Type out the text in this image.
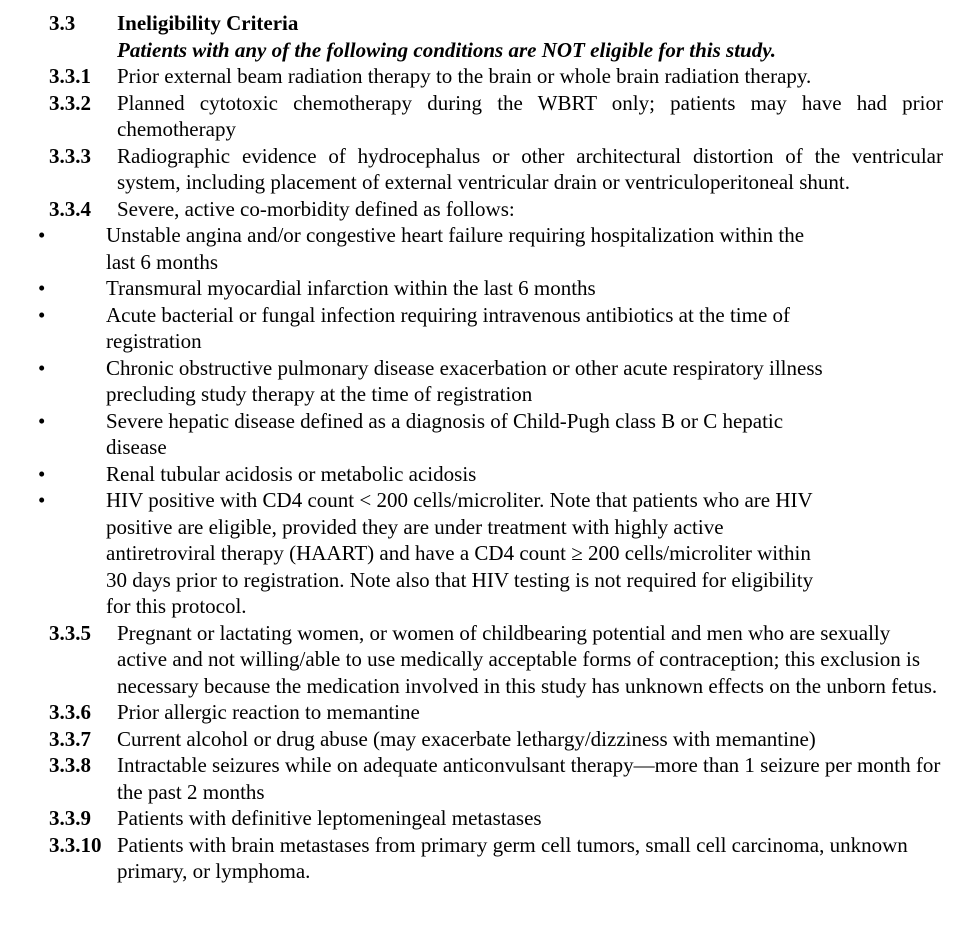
3.3	Ineligibility Criteria
Patients with any of the following conditions are NOT eligible for this study.
3.3.1	Prior external beam radiation therapy to the brain or whole brain radiation therapy.
3.3.2	Planned cytotoxic chemotherapy during the WBRT only; patients may have had prior chemotherapy
3.3.3	Radiographic evidence of hydrocephalus or other architectural distortion of the ventricular system, including placement of external ventricular drain or ventriculoperitoneal shunt.
3.3.4	Severe, active co-morbidity defined as follows:
•	Unstable angina and/or congestive heart failure requiring hospitalization within the last 6 months
•	Transmural myocardial infarction within the last 6 months
•	Acute bacterial or fungal infection requiring intravenous antibiotics at the time of registration
•	Chronic obstructive pulmonary disease exacerbation or other acute respiratory illness precluding study therapy at the time of registration
•	Severe hepatic disease defined as a diagnosis of Child-Pugh class B or C hepatic disease
•	Renal tubular acidosis or metabolic acidosis
•	HIV positive with CD4 count < 200 cells/microliter. Note that patients who are HIV positive are eligible, provided they are under treatment with highly active antiretroviral therapy (HAART) and have a CD4 count ≥ 200 cells/microliter within 30 days prior to registration. Note also that HIV testing is not required for eligibility for this protocol.
3.3.5	Pregnant or lactating women, or women of childbearing potential and men who are sexually active and not willing/able to use medically acceptable forms of contraception; this exclusion is necessary because the medication involved in this study has unknown effects on the unborn fetus.
3.3.6	Prior allergic reaction to memantine
3.3.7	Current alcohol or drug abuse (may exacerbate lethargy/dizziness with memantine)
3.3.8	Intractable seizures while on adequate anticonvulsant therapy—more than 1 seizure per month for the past 2 months
3.3.9	Patients with definitive leptomeningeal metastases
3.3.10 Patients with brain metastases from primary germ cell tumors, small cell carcinoma, unknown primary, or lymphoma.
